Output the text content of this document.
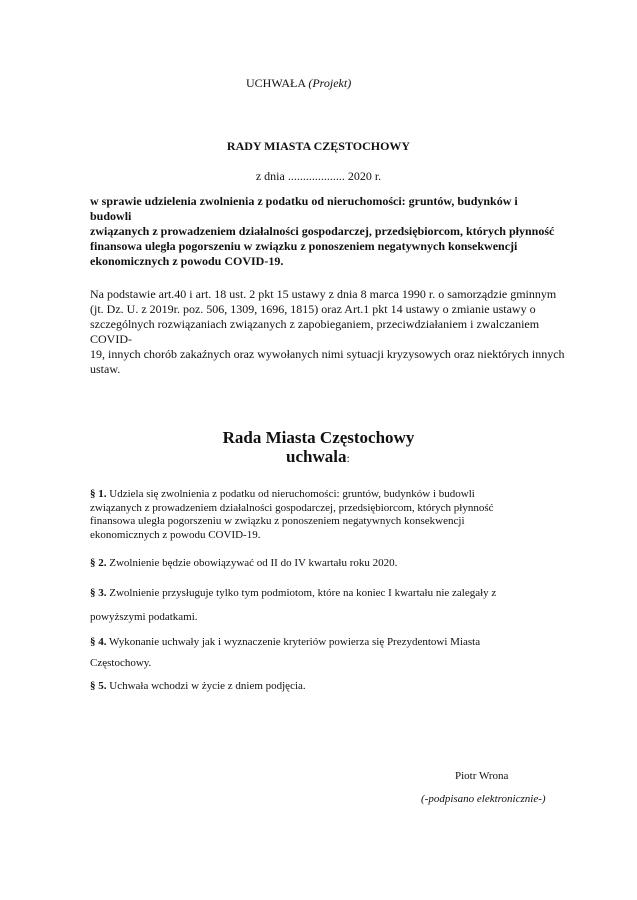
UCHWAŁA (Projekt)
RADY MIASTA CZĘSTOCHOWY
z dnia ................... 2020 r.
w sprawie udzielenia zwolnienia z podatku od nieruchomości: gruntów, budynków i budowli
związanych z prowadzeniem działalności gospodarczej, przedsiębiorcom, których płynność
finansowa uległa pogorszeniu w związku z ponoszeniem negatywnych konsekwencji
ekonomicznych z powodu COVID-19.
Na podstawie art.40 i art. 18 ust. 2 pkt 15 ustawy z dnia 8 marca 1990 r. o samorządzie gminnym
(jt. Dz. U. z 2019r. poz. 506, 1309, 1696, 1815) oraz Art.1 pkt 14 ustawy o zmianie ustawy o
szczególnych rozwiązaniach związanych z zapobieganiem, przeciwdziałaniem i zwalczaniem COVID-
19, innych chorób zakaźnych oraz wywołanych nimi sytuacji kryzysowych oraz niektórych innych
ustaw.
Rada Miasta Częstochowy
uchwala:
§ 1. Udziela się zwolnienia z podatku od nieruchomości: gruntów, budynków i budowli
związanych z prowadzeniem działalności gospodarczej, przedsiębiorcom, których płynność
finansowa uległa pogorszeniu w związku z ponoszeniem negatywnych konsekwencji
ekonomicznych z powodu COVID-19.
§ 2. Zwolnienie będzie obowiązywać od II do IV kwartału roku 2020.
§ 3. Zwolnienie przysługuje tylko tym podmiotom, które na koniec I kwartału nie zalegały z
powyższymi podatkami.
§ 4. Wykonanie uchwały jak i wyznaczenie kryteriów powierza się Prezydentowi Miasta
Częstochowy.
§ 5. Uchwała wchodzi w życie z dniem podjęcia.
Piotr Wrona
(-podpisano elektronicznie-)
